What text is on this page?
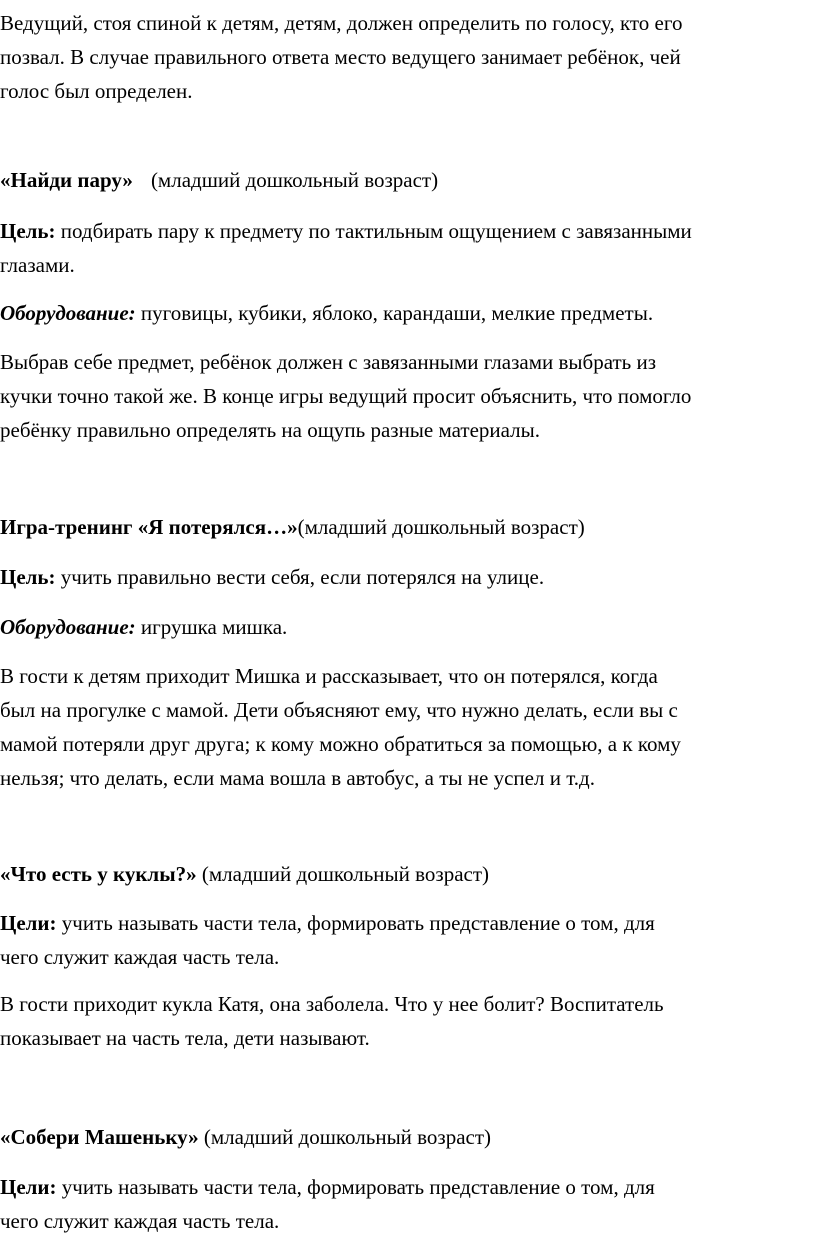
Ведущий, стоя спиной к детям, детям, должен определить по голосу, кто его
позвал. В случае правильного ответа место ведущего занимает ребёнок, чей
голос был определен.

«Найди пару» (младший дошкольный возраст)

Цель: подбирать пару к предмету по тактильным ощущением с завязанными
глазами.

Оборудование: пуговицы, кубики, яблоко, карандаши, мелкие предметы.

Выбрав себе предмет, ребёнок должен с завязанными глазами выбрать из
кучки точно такой же. В конце игры ведущий просит объяснить, что помогло
ребёнку правильно определять на ощупь разные материалы.

Игра-тренинг «Я потерялся…»(младший дошкольный возраст)

Цель: учить правильно вести себя, если потерялся на улице.

Оборудование: игрушка мишка.

В гости к детям приходит Мишка и рассказывает, что он потерялся, когда
был на прогулке с мамой. Дети объясняют ему, что нужно делать, если вы с
мамой потеряли друг друга; к кому можно обратиться за помощью, а к кому
нельзя; что делать, если мама вошла в автобус, а ты не успел и т.д.

«Что есть у куклы?» (младший дошкольный возраст)

Цели: учить называть части тела, формировать представление о том, для
чего служит каждая часть тела.

В гости приходит кукла Катя, она заболела. Что у нее болит? Воспитатель
показывает на часть тела, дети называют.

«Собери Машеньку» (младший дошкольный возраст)

Цели: учить называть части тела, формировать представление о том, для
чего служит каждая часть тела.
